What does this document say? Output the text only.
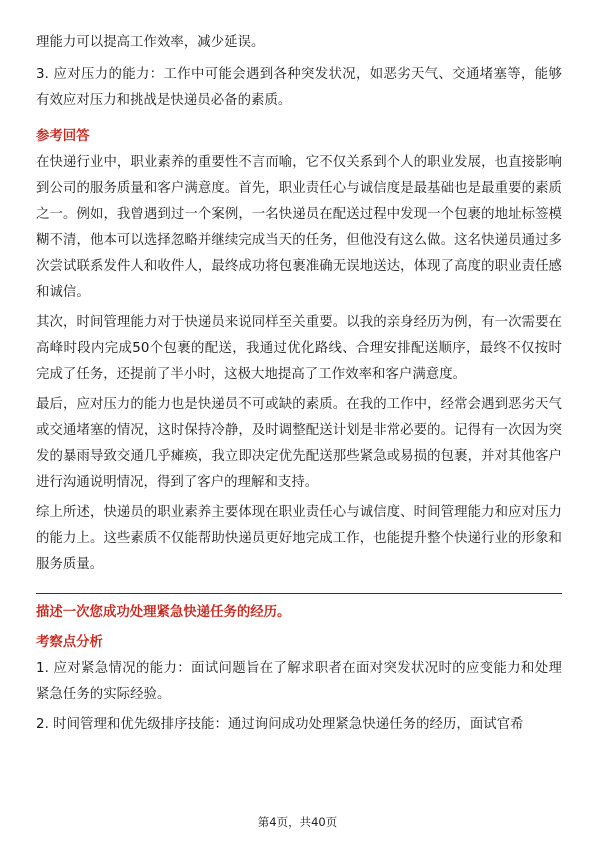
理能力可以提高工作效率，减少延误。

3. 应对压力的能力：工作中可能会遇到各种突发状况，如恶劣天气、交通堵塞等，能够有效应对压力和挑战是快递员必备的素质。

参考回答

在快递行业中，职业素养的重要性不言而喻，它不仅关系到个人的职业发展，也直接影响到公司的服务质量和客户满意度。首先，职业责任心与诚信度是最基础也是最重要的素质之一。例如，我曾遇到过一个案例，一名快递员在配送过程中发现一个包裹的地址标签模糊不清，他本可以选择忽略并继续完成当天的任务，但他没有这么做。这名快递员通过多次尝试联系发件人和收件人，最终成功将包裹准确无误地送达，体现了高度的职业责任感和诚信。

其次，时间管理能力对于快递员来说同样至关重要。以我的亲身经历为例，有一次需要在高峰时段内完成50个包裹的配送，我通过优化路线、合理安排配送顺序，最终不仅按时完成了任务，还提前了半小时，这极大地提高了工作效率和客户满意度。

最后，应对压力的能力也是快递员不可或缺的素质。在我的工作中，经常会遇到恶劣天气或交通堵塞的情况，这时保持冷静，及时调整配送计划是非常必要的。记得有一次因为突发的暴雨导致交通几乎瘫痪，我立即决定优先配送那些紧急或易损的包裹，并对其他客户进行沟通说明情况，得到了客户的理解和支持。

综上所述，快递员的职业素养主要体现在职业责任心与诚信度、时间管理能力和应对压力的能力上。这些素质不仅能帮助快递员更好地完成工作，也能提升整个快递行业的形象和服务质量。

描述一次您成功处理紧急快递任务的经历。
考察点分析

1. 应对紧急情况的能力：面试问题旨在了解求职者在面对突发状况时的应变能力和处理紧急任务的实际经验。

2. 时间管理和优先级排序技能：通过询问成功处理紧急快递任务的经历，面试官希

第4页，共40页
